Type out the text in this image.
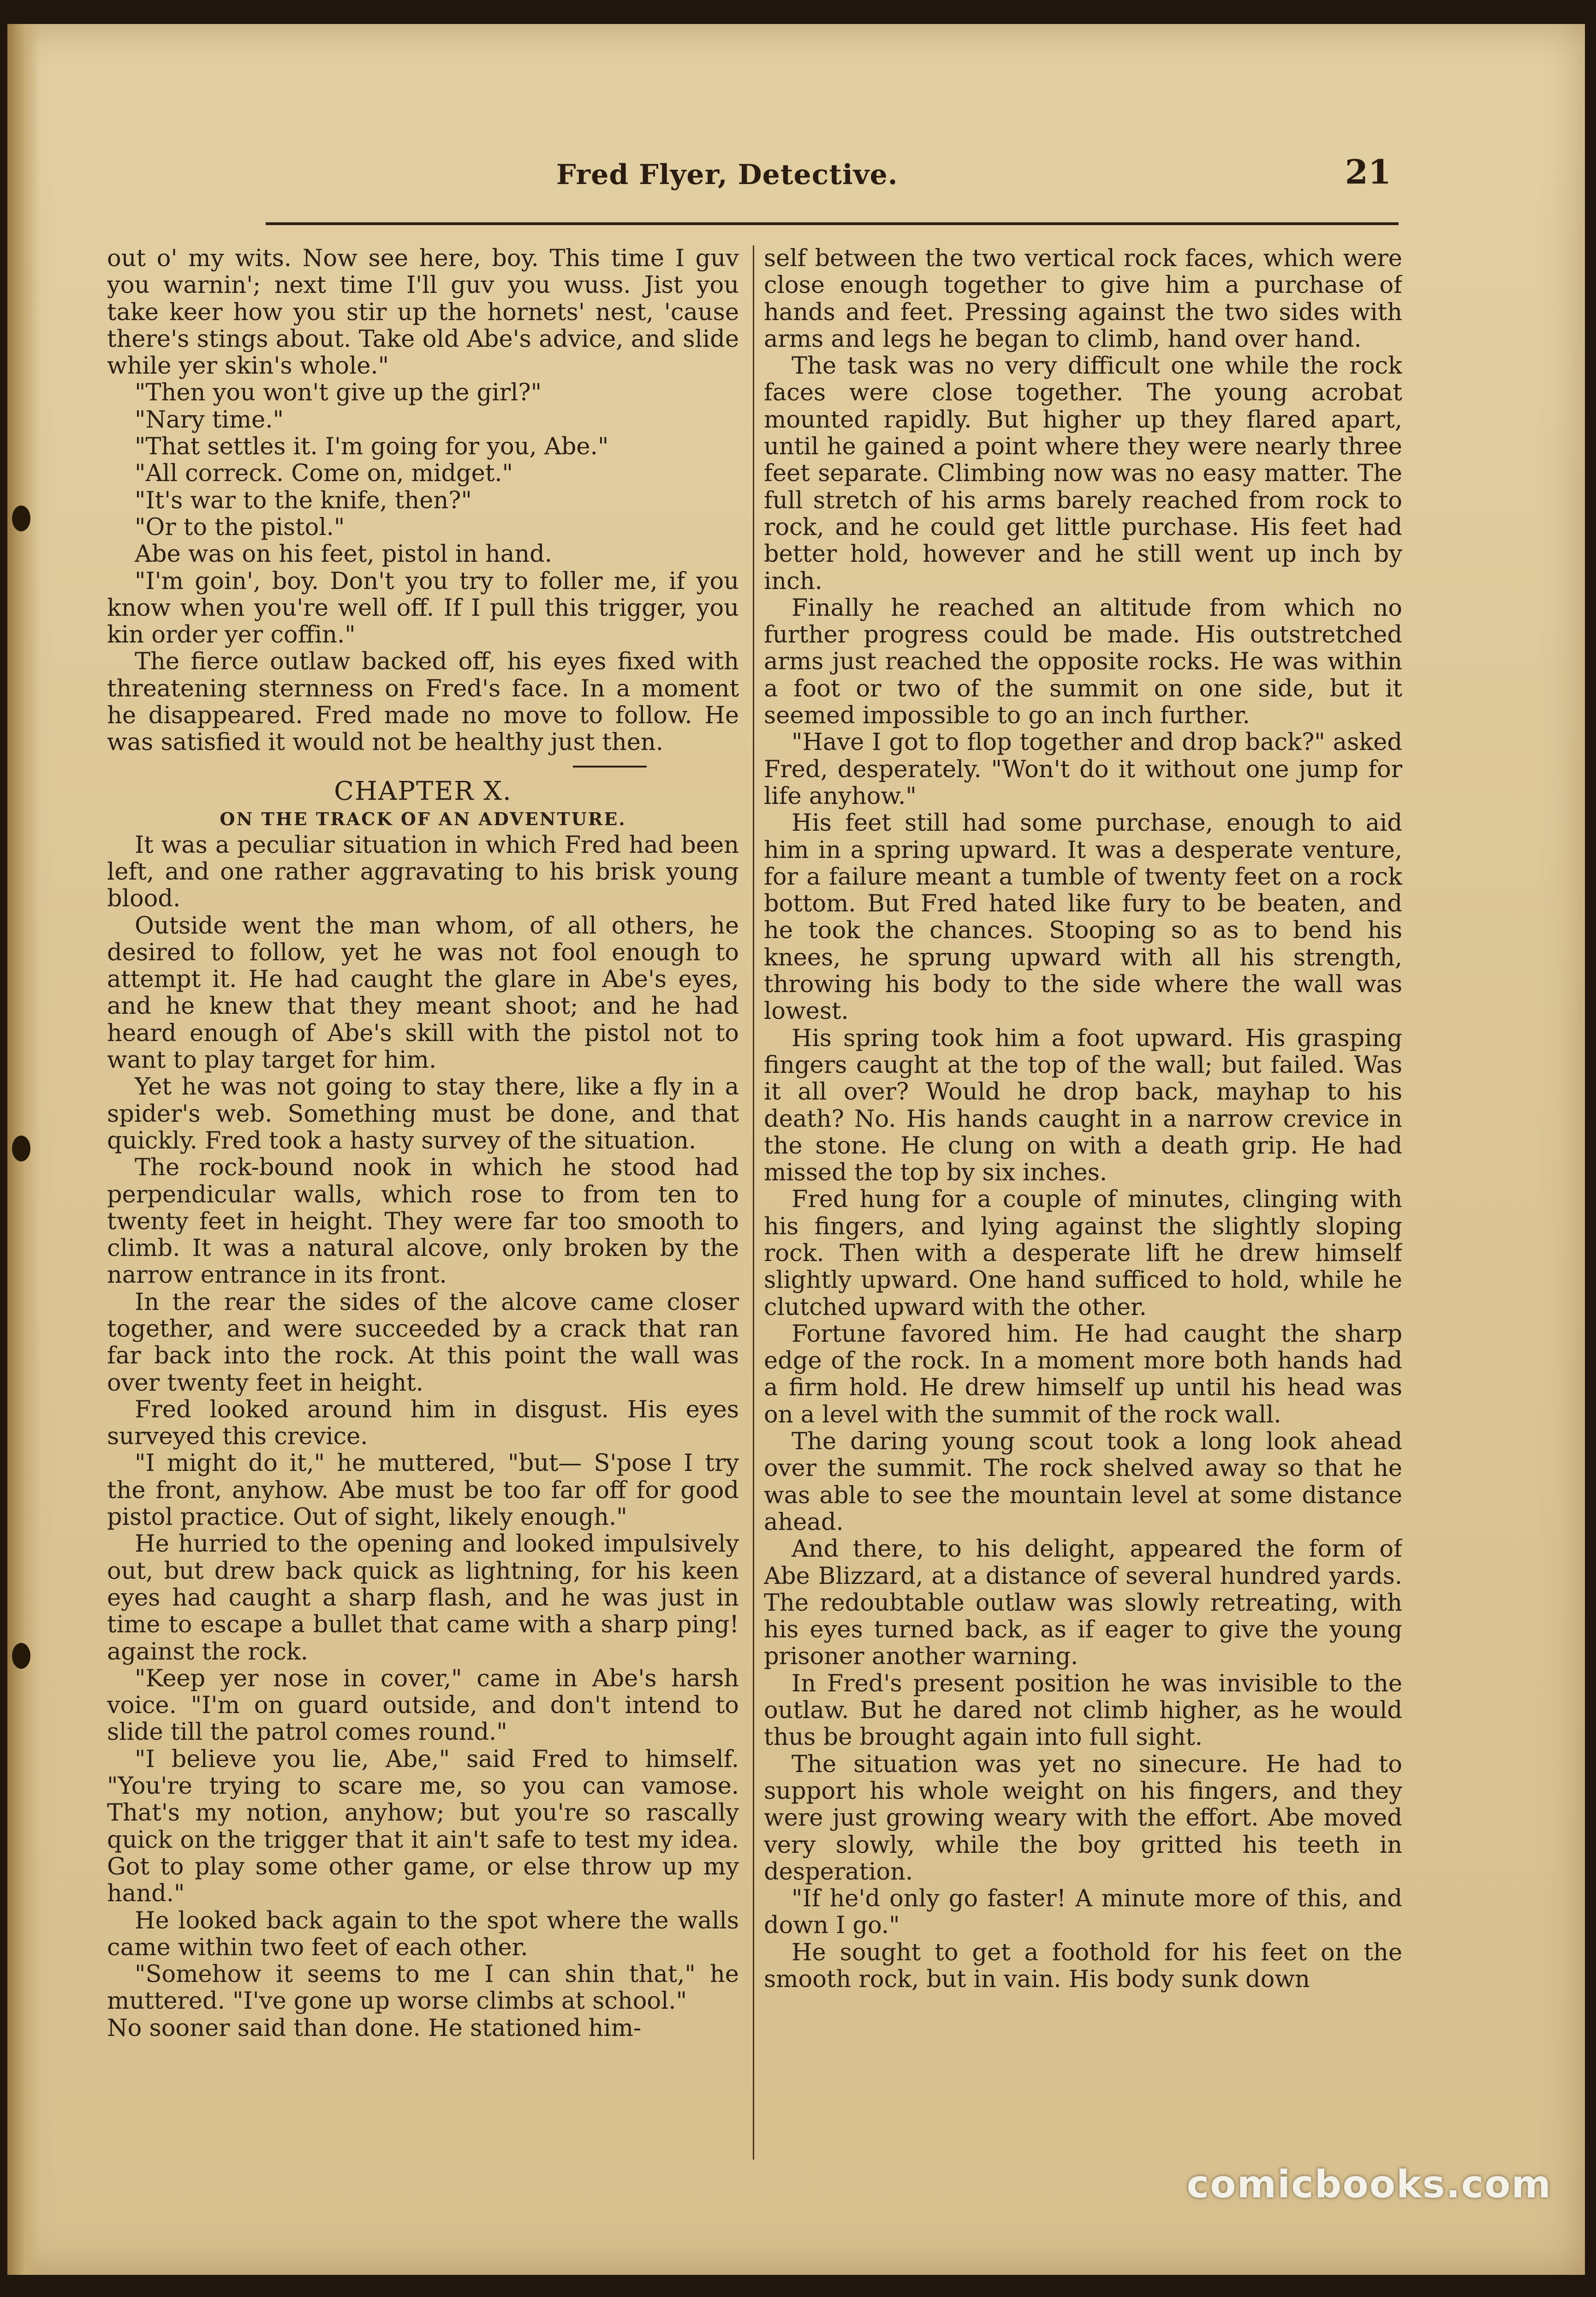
Fred Flyer, Detective.	21

out o' my wits. Now see here, boy. This time I guv you warnin'; next time I'll guv you wuss. Jist you take keer how you stir up the hornets' nest, 'cause there's stings about. Take old Abe's advice, and slide while yer skin's whole."

"Then you won't give up the girl?"

"Nary time."

"That settles it. I'm going for you, Abe."

"All correck. Come on, midget."

"It's war to the knife, then?"

"Or to the pistol."

Abe was on his feet, pistol in hand.

"I'm goin', boy. Don't you try to foller me, if you know when you're well off. If I pull this trigger, you kin order yer coffin."

The fierce outlaw backed off, his eyes fixed with threatening sternness on Fred's face. In a moment he disappeared. Fred made no move to follow. He was satisfied it would not be healthy just then.

CHAPTER X.
ON THE TRACK OF AN ADVENTURE.

It was a peculiar situation in which Fred had been left, and one rather aggravating to his brisk young blood.

Outside went the man whom, of all others, he desired to follow, yet he was not fool enough to attempt it. He had caught the glare in Abe's eyes, and he knew that they meant shoot; and he had heard enough of Abe's skill with the pistol not to want to play target for him.

Yet he was not going to stay there, like a fly in a spider's web. Something must be done, and that quickly. Fred took a hasty survey of the situation.

The rock-bound nook in which he stood had perpendicular walls, which rose to from ten to twenty feet in height. They were far too smooth to climb. It was a natural alcove, only broken by the narrow entrance in its front.

In the rear the sides of the alcove came closer together, and were succeeded by a crack that ran far back into the rock. At this point the wall was over twenty feet in height.

Fred looked around him in disgust. His eyes surveyed this crevice.

"I might do it," he muttered, "but— S'pose I try the front, anyhow. Abe must be too far off for good pistol practice. Out of sight, likely enough."

He hurried to the opening and looked impulsively out, but drew back quick as lightning, for his keen eyes had caught a sharp flash, and he was just in time to escape a bullet that came with a sharp ping! against the rock.

"Keep yer nose in cover," came in Abe's harsh voice. "I'm on guard outside, and don't intend to slide till the patrol comes round."

"I believe you lie, Abe," said Fred to himself. "You're trying to scare me, so you can vamose. That's my notion, anyhow; but you're so rascally quick on the trigger that it ain't safe to test my idea. Got to play some other game, or else throw up my hand."

He looked back again to the spot where the walls came within two feet of each other.

"Somehow it seems to me I can shin that," he muttered. "I've gone up worse climbs at school."

No sooner said than done. He stationed him-

self between the two vertical rock faces, which were close enough together to give him a purchase of hands and feet. Pressing against the two sides with arms and legs he began to climb, hand over hand.

The task was no very difficult one while the rock faces were close together. The young acrobat mounted rapidly. But higher up they flared apart, until he gained a point where they were nearly three feet separate. Climbing now was no easy matter. The full stretch of his arms barely reached from rock to rock, and he could get little purchase. His feet had better hold, however and he still went up inch by inch.

Finally he reached an altitude from which no further progress could be made. His outstretched arms just reached the opposite rocks. He was within a foot or two of the summit on one side, but it seemed impossible to go an inch further.

"Have I got to flop together and drop back?" asked Fred, desperately. "Won't do it without one jump for life anyhow."

His feet still had some purchase, enough to aid him in a spring upward. It was a desperate venture, for a failure meant a tumble of twenty feet on a rock bottom. But Fred hated like fury to be beaten, and he took the chances. Stooping so as to bend his knees, he sprung upward with all his strength, throwing his body to the side where the wall was lowest.

His spring took him a foot upward. His grasping fingers caught at the top of the wall; but failed. Was it all over? Would he drop back, mayhap to his death? No. His hands caught in a narrow crevice in the stone. He clung on with a death grip. He had missed the top by six inches.

Fred hung for a couple of minutes, clinging with his fingers, and lying against the slightly sloping rock. Then with a desperate lift he drew himself slightly upward. One hand sufficed to hold, while he clutched upward with the other.

Fortune favored him. He had caught the sharp edge of the rock. In a moment more both hands had a firm hold. He drew himself up until his head was on a level with the summit of the rock wall.

The daring young scout took a long look ahead over the summit. The rock shelved away so that he was able to see the mountain level at some distance ahead.

And there, to his delight, appeared the form of Abe Blizzard, at a distance of several hundred yards. The redoubtable outlaw was slowly retreating, with his eyes turned back, as if eager to give the young prisoner another warning.

In Fred's present position he was invisible to the outlaw. But he dared not climb higher, as he would thus be brought again into full sight.

The situation was yet no sinecure. He had to support his whole weight on his fingers, and they were just growing weary with the effort. Abe moved very slowly, while the boy gritted his teeth in desperation.

"If he'd only go faster! A minute more of this, and down I go."

He sought to get a foothold for his feet on the smooth rock, but in vain. His body sunk down

comicbooks.com
